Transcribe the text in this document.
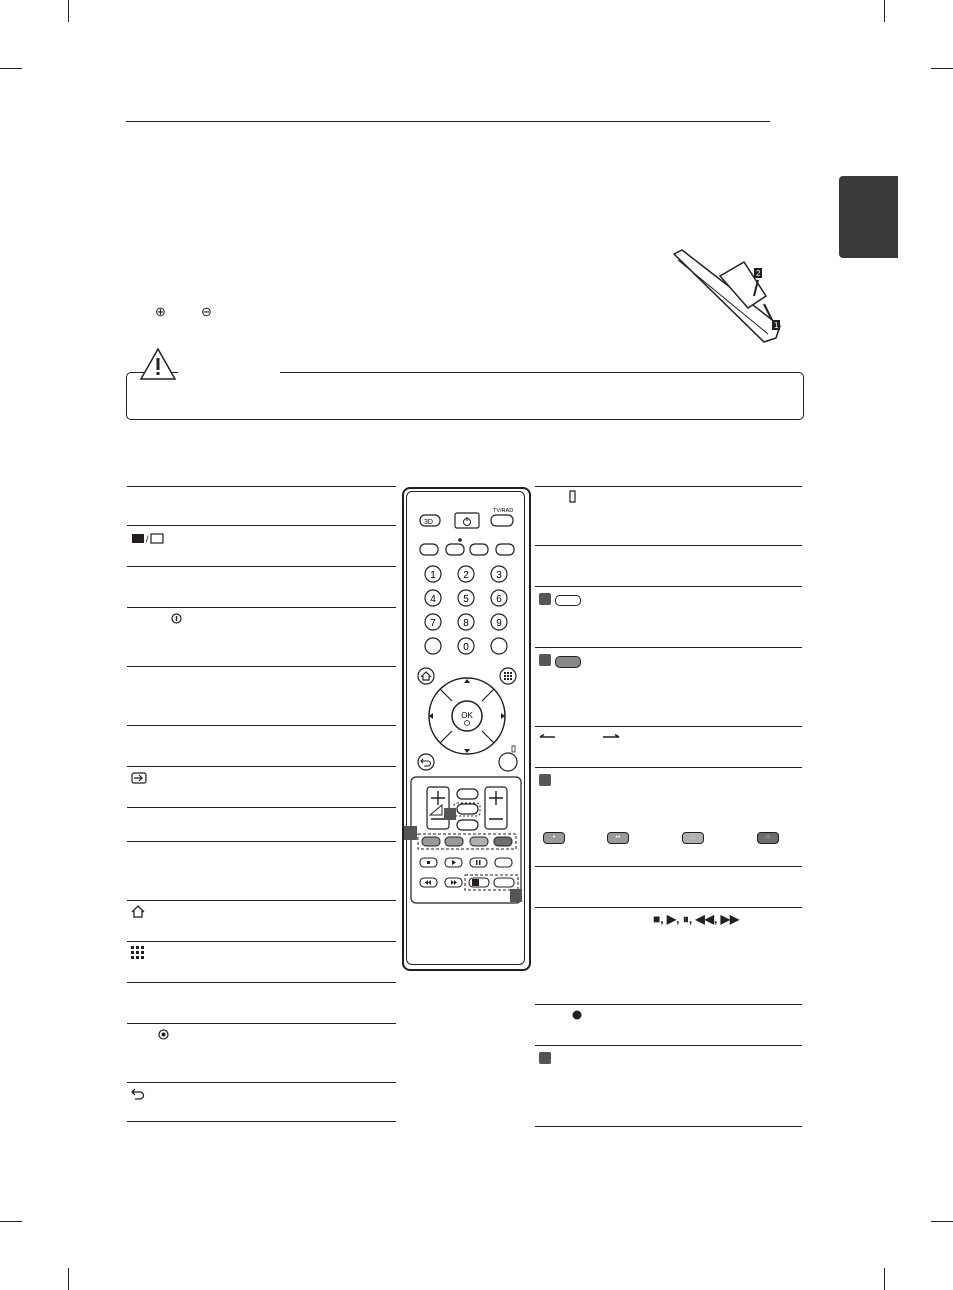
⊕	⊖
2
1
/

•	••	∴	⁘
■, ▶, ⏸, ◀◀, ▶▶
3D
TV/RAD
1	2	3
4	5	6
7	8	9
0
OK
